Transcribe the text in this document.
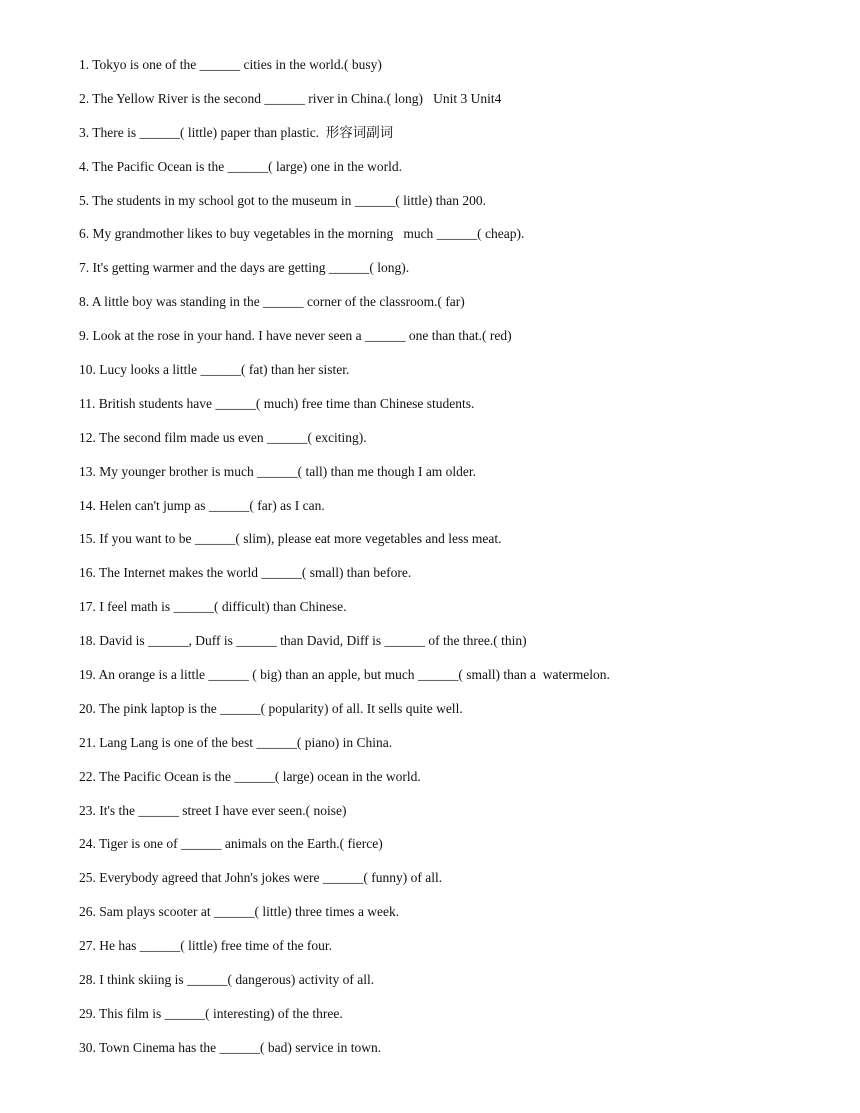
1. Tokyo is one of the ______ cities in the world.( busy)
2. The Yellow River is the second ______ river in China.( long)   Unit 3 Unit4
3. There is ______( little) paper than plastic.  形容词副词
4. The Pacific Ocean is the ______( large) one in the world.
5. The students in my school got to the museum in ______( little) than 200.
6. My grandmother likes to buy vegetables in the morning   much ______( cheap).
7. It's getting warmer and the days are getting ______( long).
8. A little boy was standing in the ______ corner of the classroom.( far)
9. Look at the rose in your hand. I have never seen a ______ one than that.( red)
10. Lucy looks a little ______( fat) than her sister.
11. British students have ______( much) free time than Chinese students.
12. The second film made us even ______( exciting).
13. My younger brother is much ______( tall) than me though I am older.
14. Helen can't jump as ______( far) as I can.
15. If you want to be ______( slim), please eat more vegetables and less meat.
16. The Internet makes the world ______( small) than before.
17. I feel math is ______( difficult) than Chinese.
18. David is ______, Duff is ______ than David, Diff is ______ of the three.( thin)
19. An orange is a little ______ ( big) than an apple, but much ______( small) than a  watermelon.
20. The pink laptop is the ______( popularity) of all. It sells quite well.
21. Lang Lang is one of the best ______( piano) in China.
22. The Pacific Ocean is the ______( large) ocean in the world.
23. It's the ______ street I have ever seen.( noise)
24. Tiger is one of ______ animals on the Earth.( fierce)
25. Everybody agreed that John's jokes were ______( funny) of all.
26. Sam plays scooter at ______( little) three times a week.
27. He has ______( little) free time of the four.
28. I think skiing is ______( dangerous) activity of all.
29. This film is ______( interesting) of the three.
30. Town Cinema has the ______( bad) service in town.
